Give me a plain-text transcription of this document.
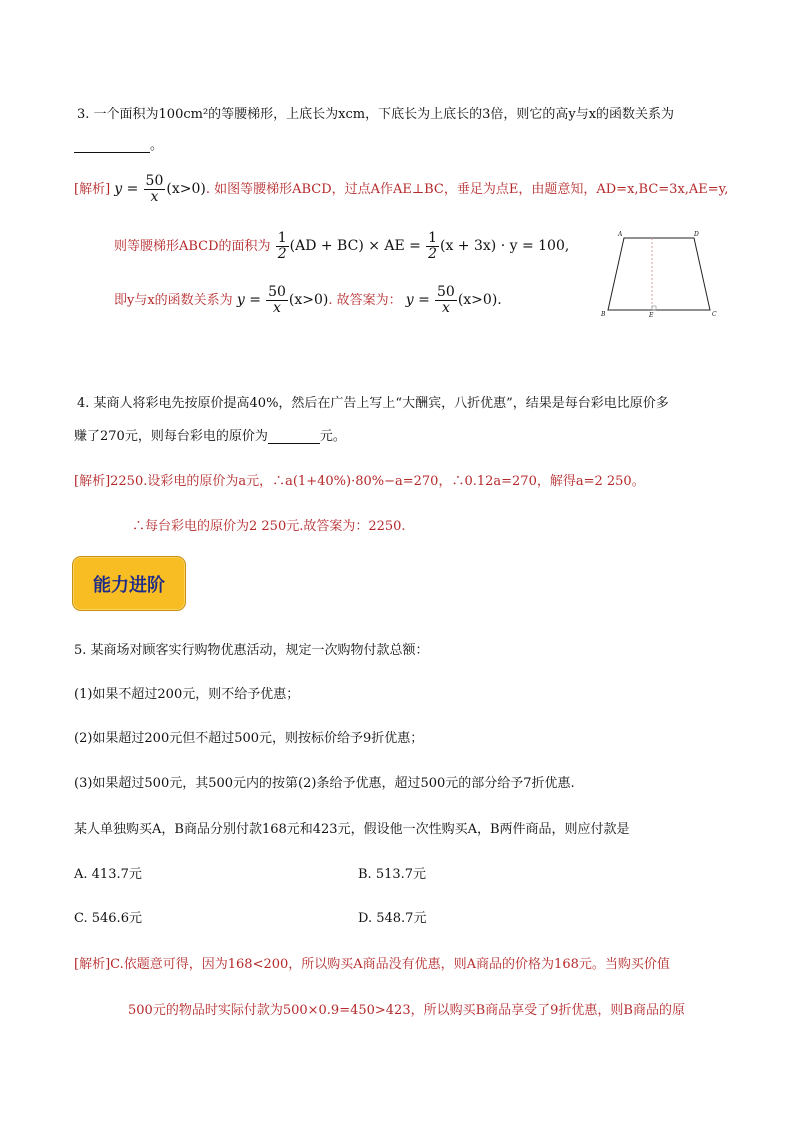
3. 一个面积为100cm²的等腰梯形，上底长为xcm，下底长为上底长的3倍，则它的高y与x的函数关系为
。
[解析] $y = \frac{50}{x} (x>0)$. 如图等腰梯形ABCD，过点A作AE⊥BC，垂足为点E，由题意知，AD=x,BC=3x,AE=y,
则等腰梯形ABCD的面积为 $\frac{1}{2} (AD + BC)$ × AE = $\frac{1}{2} (x + 3x) \cdot y = 100$,
即y与x的函数关系为 $y = \frac{50}{x} (x>0)$. 故答案为： $y = \frac{50}{x} (x>0)$.
A	D
B	E	C
4. 某商人将彩电先按原价提高40%，然后在广告上写上“大酬宾，八折优惠”，结果是每台彩电比原价多
赚了270元，则每台彩电的原价为	元。
[解析]2250.设彩电的原价为a元，∴a(1+40%)·80%−a=270，∴0.12a=270，解得a=2 250。
∴每台彩电的原价为2 250元.故答案为：2250.
能力进阶
5. 某商场对顾客实行购物优惠活动，规定一次购物付款总额：
(1)如果不超过200元，则不给予优惠；
(2)如果超过200元但不超过500元，则按标价给予9折优惠；
(3)如果超过500元，其500元内的按第(2)条给予优惠，超过500元的部分给予7折优惠.
某人单独购买A，B商品分别付款168元和423元，假设他一次性购买A，B两件商品，则应付款是
A. 413.7元	B. 513.7元
C. 546.6元	D. 548.7元
[解析]C.依题意可得，因为168<200，所以购买A商品没有优惠，则A商品的价格为168元。当购买价值
500元的物品时实际付款为500×0.9=450>423，所以购买B商品享受了9折优惠，则B商品的原
